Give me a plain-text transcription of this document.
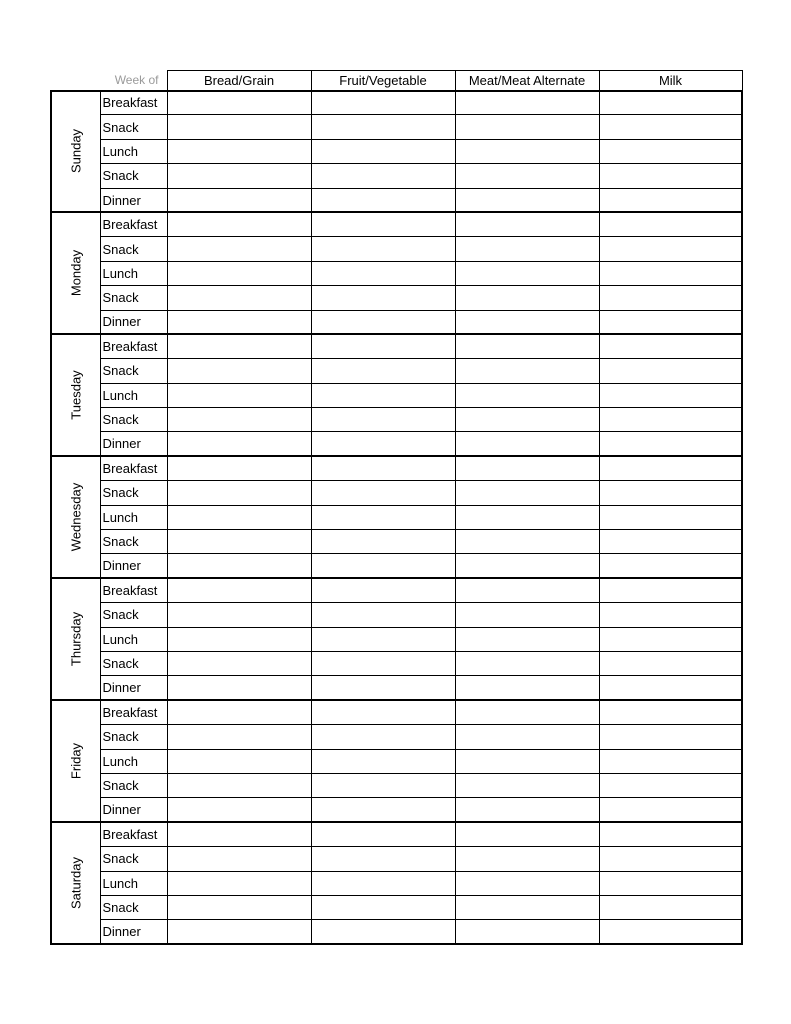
Week of		Bread/Grain	Fruit/Vegetable	Meat/Meat Alternate	Milk

Sunday	Breakfast				
	Snack				
	Lunch				
	Snack				
	Dinner				

Monday	Breakfast				
	Snack				
	Lunch				
	Snack				
	Dinner				

Tuesday	Breakfast				
	Snack				
	Lunch				
	Snack				
	Dinner				

Wednesday	Breakfast				
	Snack				
	Lunch				
	Snack				
	Dinner				

Thursday	Breakfast				
	Snack				
	Lunch				
	Snack				
	Dinner				

Friday	Breakfast				
	Snack				
	Lunch				
	Snack				
	Dinner				

Saturday	Breakfast				
	Snack				
	Lunch				
	Snack				
	Dinner				
